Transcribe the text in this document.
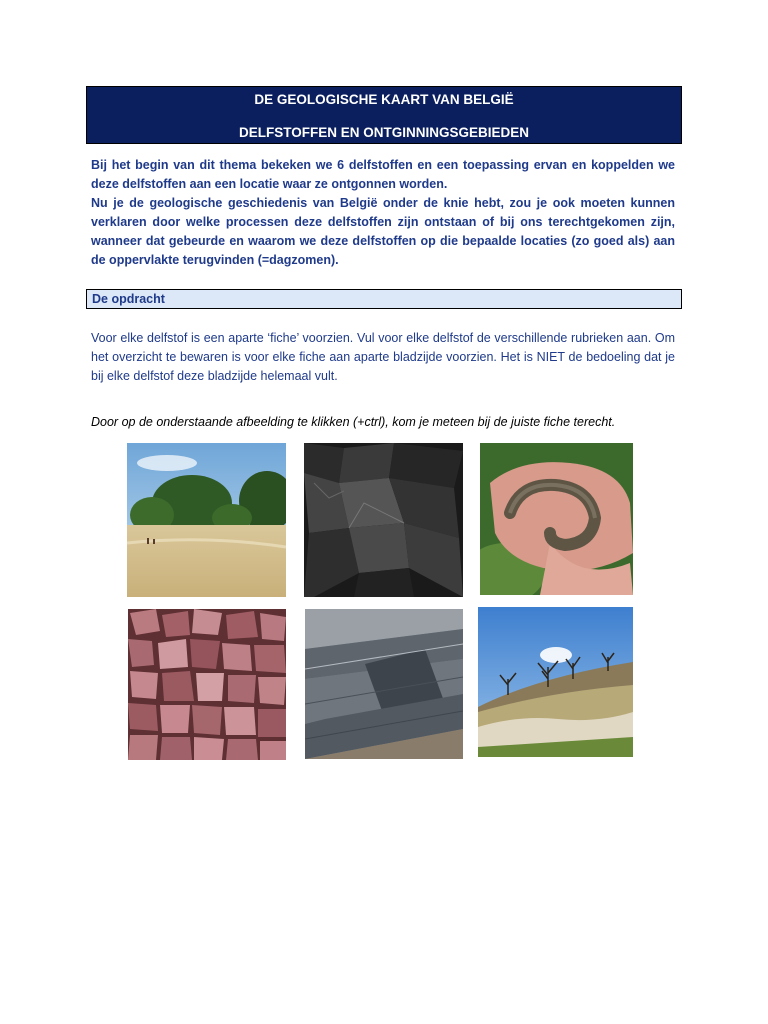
DE GEOLOGISCHE KAART VAN BELGIË
DELFSTOFFEN EN ONTGINNINGSGEBIEDEN

Bij het begin van dit thema bekeken we 6 delfstoffen en een toepassing ervan en koppelden we deze delfstoffen aan een locatie waar ze ontgonnen worden.

Nu je de geologische geschiedenis van België onder de knie hebt, zou je ook moeten kunnen verklaren door welke processen deze delfstoffen zijn ontstaan of bij ons terechtgekomen zijn, wanneer dat gebeurde en waarom we deze delfstoffen op die bepaalde locaties (zo goed als) aan de oppervlakte terugvinden (=dagzomen).

De opdracht

Voor elke delfstof is een aparte ‘fiche’ voorzien. Vul voor elke delfstof de verschillende rubrieken aan. Om het overzicht te bewaren is voor elke fiche aan aparte bladzijde voorzien. Het is NIET de bedoeling dat je bij elke delfstof deze bladzijde helemaal vult.

Door op de onderstaande afbeelding te klikken (+ctrl), kom je meteen bij de juiste fiche terecht.
